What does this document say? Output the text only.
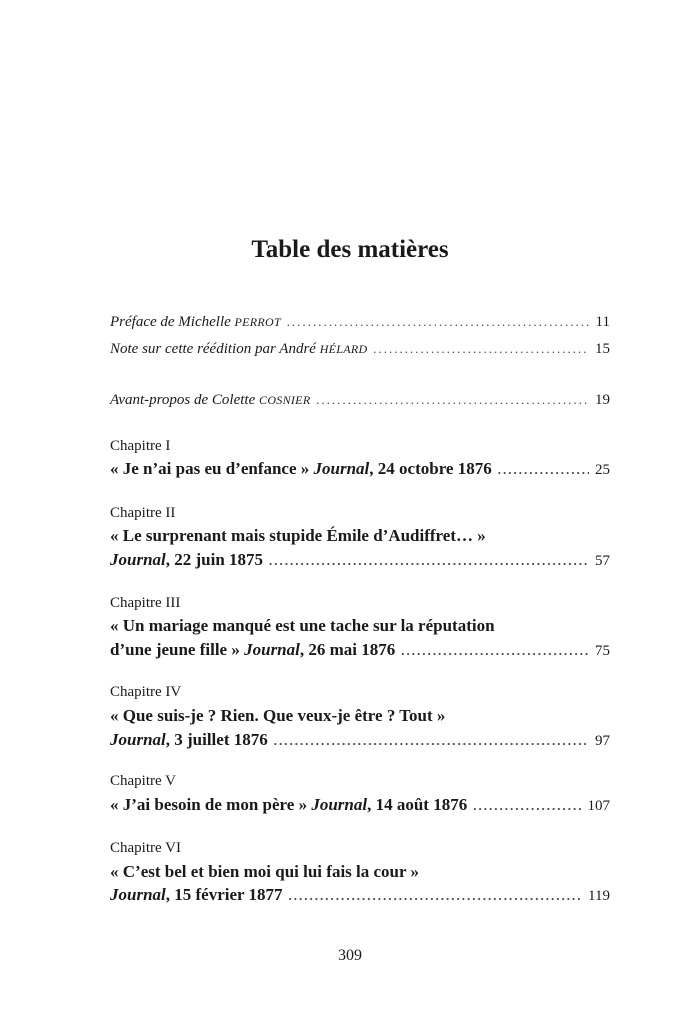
Table des matières
Préface de Michelle PERROT .....	11
Note sur cette réédition par André HÉLARD .....	15
Avant-propos de Colette COSNIER .....	19
Chapitre I
« Je n’ai pas eu d’enfance » Journal, 24 octobre 1876 .....	25
Chapitre II
« Le surprenant mais stupide Émile d’Audiffret… »
Journal, 22 juin 1875 .....	57
Chapitre III
« Un mariage manqué est une tache sur la réputation
d’une jeune fille » Journal, 26 mai 1876 .....	75
Chapitre IV
« Que suis-je ? Rien. Que veux-je être ? Tout »
Journal, 3 juillet 1876 .....	97
Chapitre V
« J’ai besoin de mon père » Journal, 14 août 1876 .....	107
Chapitre VI
« C’est bel et bien moi qui lui fais la cour »
Journal, 15 février 1877 .....	119
309
